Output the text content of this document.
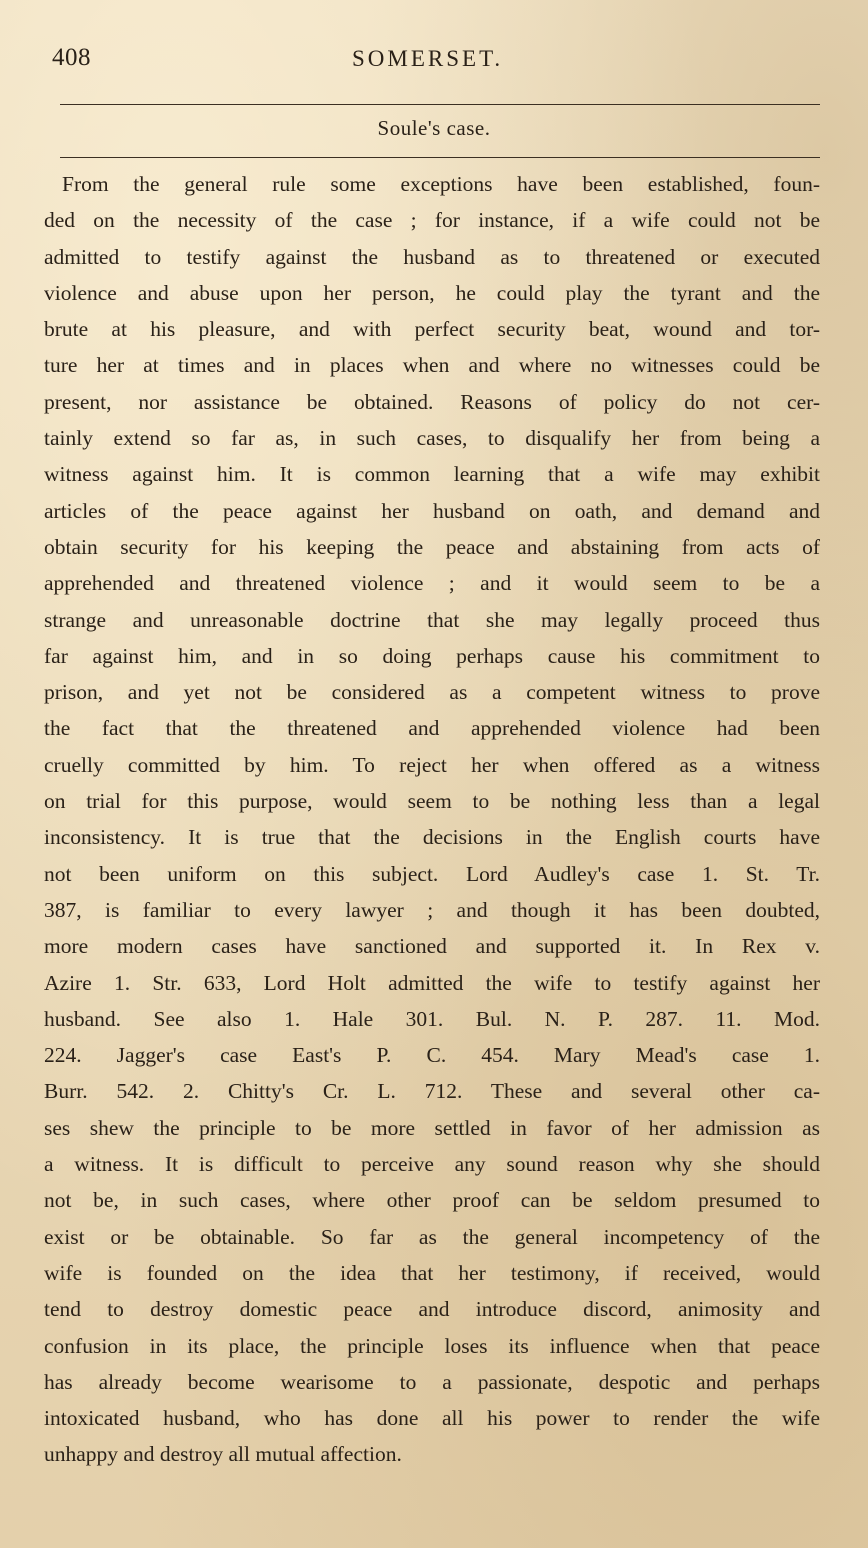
408	SOMERSET.
Soule's case.
From the general rule some exceptions have been established, foun-
ded on the necessity of the case ; for instance, if a wife could not be
admitted to testify against the husband as to threatened or executed
violence and abuse upon her person, he could play the tyrant and the
brute at his pleasure, and with perfect security beat, wound and tor-
ture her at times and in places when and where no witnesses could be
present, nor assistance be obtained. Reasons of policy do not cer-
tainly extend so far as, in such cases, to disqualify her from being a
witness against him. It is common learning that a wife may exhibit
articles of the peace against her husband on oath, and demand and
obtain security for his keeping the peace and abstaining from acts of
apprehended and threatened violence ; and it would seem to be a
strange and unreasonable doctrine that she may legally proceed thus
far against him, and in so doing perhaps cause his commitment to
prison, and yet not be considered as a competent witness to prove
the fact that the threatened and apprehended violence had been
cruelly committed by him. To reject her when offered as a witness
on trial for this purpose, would seem to be nothing less than a legal
inconsistency. It is true that the decisions in the English courts have
not been uniform on this subject. Lord Audley's case 1. St. Tr.
387, is familiar to every lawyer ; and though it has been doubted,
more modern cases have sanctioned and supported it. In Rex v.
Azire 1. Str. 633, Lord Holt admitted the wife to testify against her
husband. See also 1. Hale 301. Bul. N. P. 287. 11. Mod.
224. Jagger's case East's P. C. 454. Mary Mead's case 1.
Burr. 542. 2. Chitty's Cr. L. 712. These and several other ca-
ses shew the principle to be more settled in favor of her admission as
a witness. It is difficult to perceive any sound reason why she should
not be, in such cases, where other proof can be seldom presumed to
exist or be obtainable. So far as the general incompetency of the
wife is founded on the idea that her testimony, if received, would
tend to destroy domestic peace and introduce discord, animosity and
confusion in its place, the principle loses its influence when that peace
has already become wearisome to a passionate, despotic and perhaps
intoxicated husband, who has done all his power to render the wife
unhappy and destroy all mutual affection.
